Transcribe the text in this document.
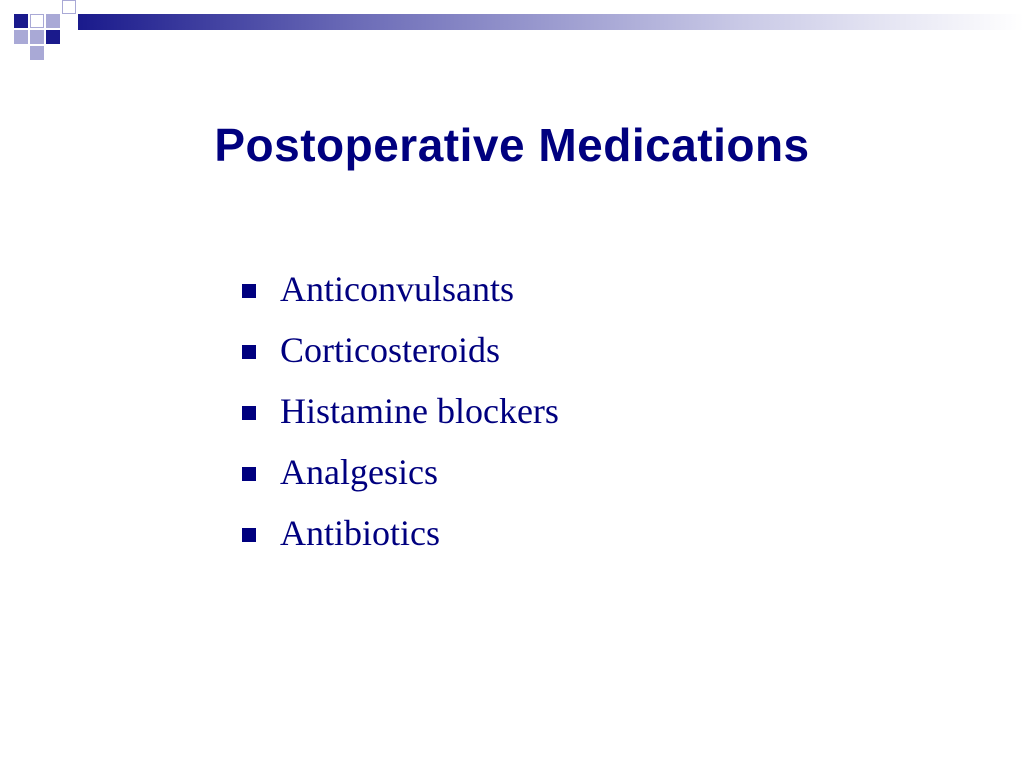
Postoperative Medications
Anticonvulsants
Corticosteroids
Histamine blockers
Analgesics
Antibiotics
